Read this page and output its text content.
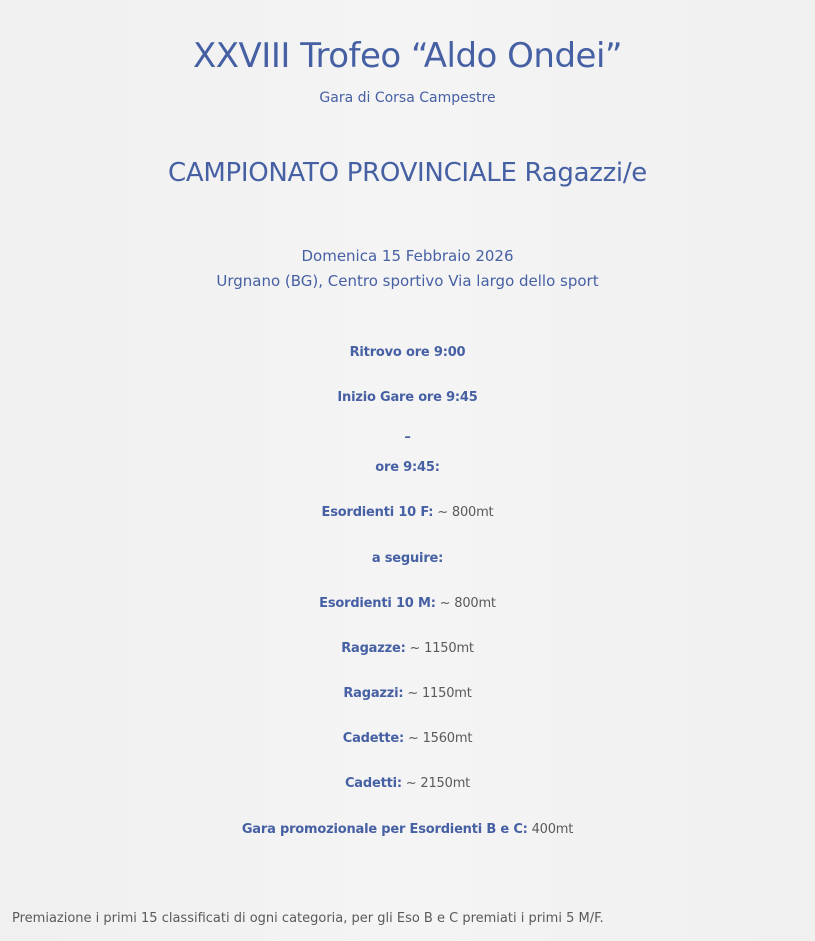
XXVIII Trofeo “Aldo Ondei”
Gara di Corsa Campestre
CAMPIONATO PROVINCIALE Ragazzi/e
Domenica 15 Febbraio 2026
Urgnano (BG), Centro sportivo Via largo dello sport
Ritrovo ore 9:00
Inizio Gare ore 9:45
–
ore 9:45:
Esordienti 10 F: ~ 800mt
a seguire:
Esordienti 10 M: ~ 800mt
Ragazze: ~ 1150mt
Ragazzi: ~ 1150mt
Cadette: ~ 1560mt
Cadetti: ~ 2150mt
Gara promozionale per Esordienti B e C: 400mt
Premiazione i primi 15 classificati di ogni categoria, per gli Eso B e C premiati i primi 5 M/F.
